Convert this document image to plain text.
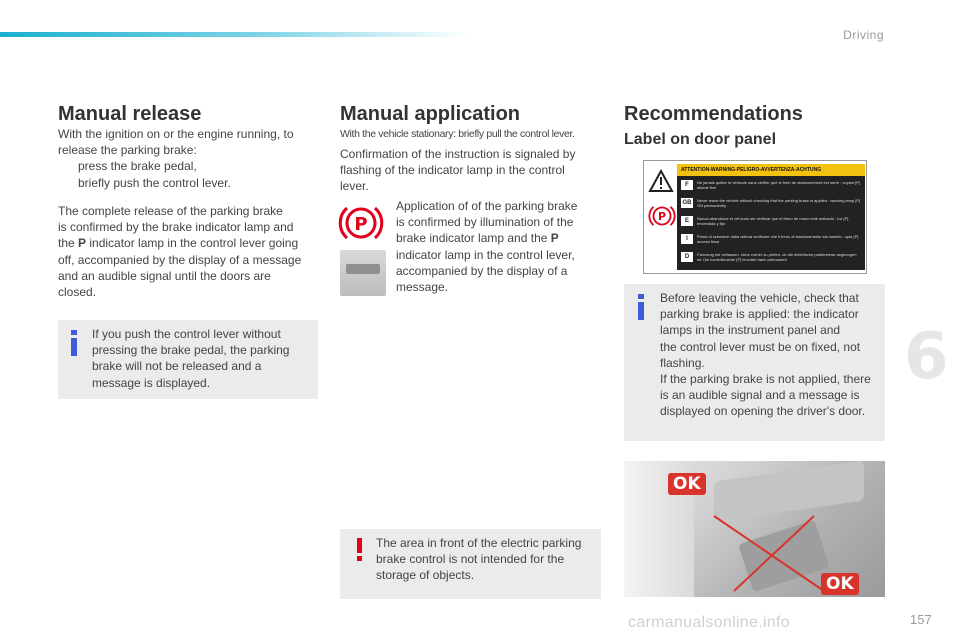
Driving
6
157
carmanualsonline.info
Manual release

With the ignition on or the engine running, to

release the parking brake:

 press the brake pedal,
 briefly push the control lever.

The complete release of the parking brake

is confirmed by the brake indicator lamp and

the P indicator lamp in the control lever going

off, accompanied by the display of a message

and an audible signal until the doors are

closed.

If you push the control lever without

pressing the brake pedal, the parking

brake will not be released and a

message is displayed.

Manual application
With the vehicle stationary: briefly pull the control lever.

Confirmation of the instruction is signaled by

flashing of the indicator lamp in the control

lever.

P

Application of of the parking brake

is confirmed by illumination of the

brake indicator lamp and the P

indicator lamp in the control lever,

accompanied by the display of a

message.

The area in front of the electric parking

brake control is not intended for the

storage of objects.

Recommendations
Label on door panel
P
ATTENTION-WARNING-PELIGRO-AVVERTENZA-ACHTUNG
F	Ne jamais quitter le véhicule sans vérifier que le frein de stationnement est serré : voyant [P] allumé fixe
GB	Never leave the vehicle without checking that the parking brake is applied : warning lamp [P] ON permanently
E	Nunca abandonar el vehículo sin verificar que el freno de mano esté activado : luz [P] encendida y fija
I	Prima di scendere dalla vettura verificare che il freno di stazionamento sia inserito : spia [P] accesa fissa
D	Fahrzeug nie verlassen, ohne vorher zu prüfen, ob die elektrische parkbremse angezogen ist. Die kontrolleuchte [P] leuchtet dann permanent

Before leaving the vehicle, check that

parking brake is applied: the indicator

lamps in the instrument panel and

the control lever must be on fixed, not

flashing.

If the parking brake is not applied, there

is an audible signal and a message is

displayed on opening the driver's door.

OK
OK
